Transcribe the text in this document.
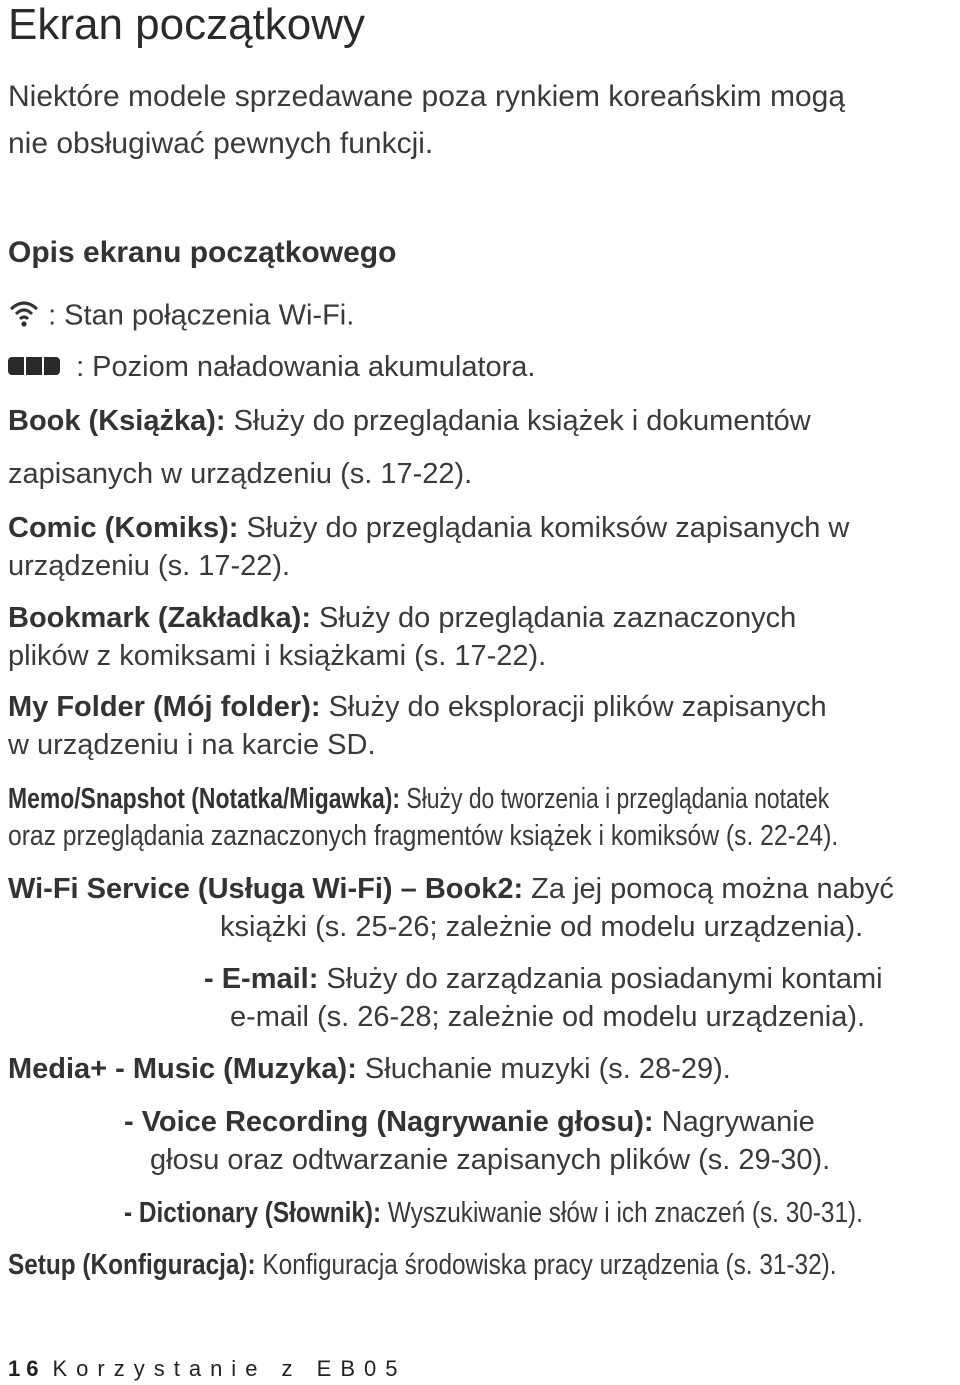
Ekran początkowy
Niektóre modele sprzedawane poza rynkiem koreańskim mogą
nie obsługiwać pewnych funkcji.
Opis ekranu początkowego
: Stan połączenia Wi-Fi.
: Poziom naładowania akumulatora.
Book (Książka): Służy do przeglądania książek i dokumentów
zapisanych w urządzeniu (s. 17-22).
Comic (Komiks): Służy do przeglądania komiksów zapisanych w
urządzeniu (s. 17-22).
Bookmark (Zakładka): Służy do przeglądania zaznaczonych
plików z komiksami i książkami (s. 17-22).
My Folder (Mój folder): Służy do eksploracji plików zapisanych
w urządzeniu i na karcie SD.
Memo/Snapshot (Notatka/Migawka): Służy do tworzenia i przeglądania notatek
oraz przeglądania zaznaczonych fragmentów książek i komiksów (s. 22-24).
Wi-Fi Service (Usługa Wi-Fi) – Book2: Za jej pomocą można nabyć
książki (s. 25-26; zależnie od modelu urządzenia).
- E-mail: Służy do zarządzania posiadanymi kontami
e-mail (s. 26-28; zależnie od modelu urządzenia).
Media+ - Music (Muzyka): Słuchanie muzyki (s. 28-29).
- Voice Recording (Nagrywanie głosu): Nagrywanie
głosu oraz odtwarzanie zapisanych plików (s. 29-30).
- Dictionary (Słownik): Wyszukiwanie słów i ich znaczeń (s. 30-31).
Setup (Konfiguracja): Konfiguracja środowiska pracy urządzenia (s. 31-32).
16 Korzystanie z EB05
